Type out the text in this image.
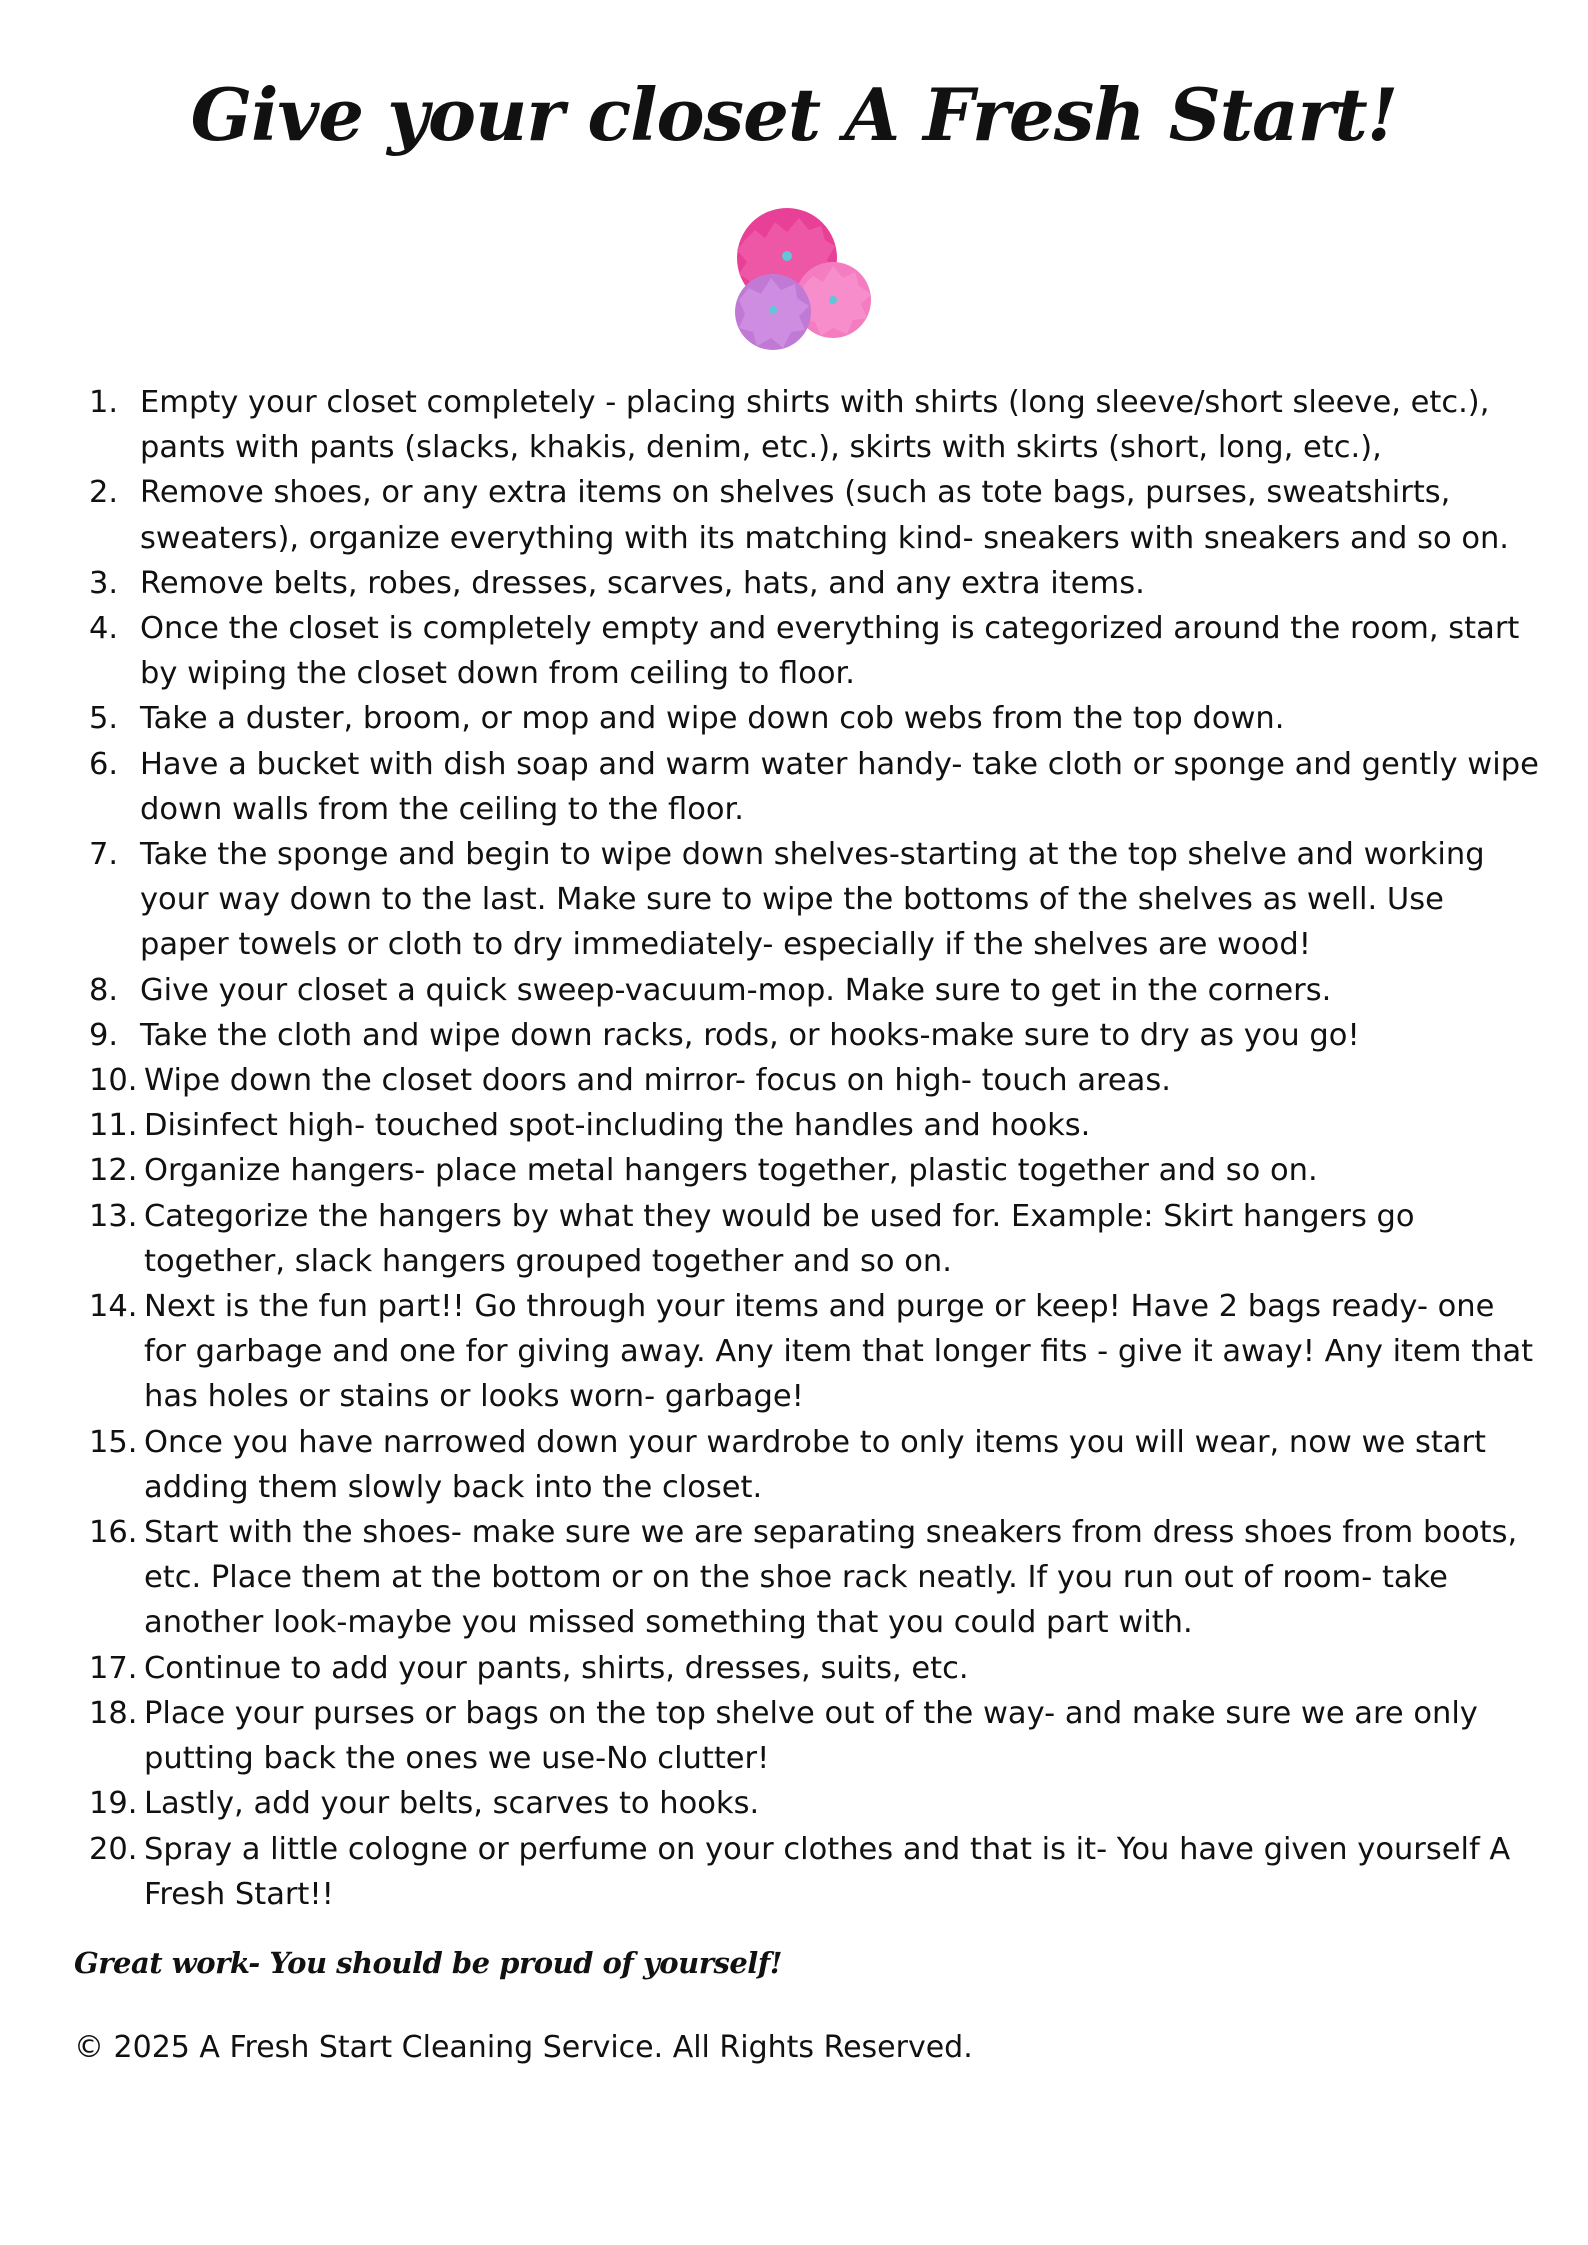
Give your closet A Fresh Start!
1. Empty your closet completely - placing shirts with shirts (long sleeve/short sleeve, etc.), pants with pants (slacks, khakis, denim, etc.), skirts with skirts (short, long, etc.),
2. Remove shoes, or any extra items on shelves (such as tote bags, purses, sweatshirts, sweaters), organize everything with its matching kind- sneakers with sneakers and so on.
3. Remove belts, robes, dresses, scarves, hats, and any extra items.
4. Once the closet is completely empty and everything is categorized around the room, start by wiping the closet down from ceiling to floor.
5. Take a duster, broom, or mop and wipe down cob webs from the top down.
6. Have a bucket with dish soap and warm water handy- take cloth or sponge and gently wipe down walls from the ceiling to the floor.
7. Take the sponge and begin to wipe down shelves-starting at the top shelve and working your way down to the last. Make sure to wipe the bottoms of the shelves as well. Use paper towels or cloth to dry immediately- especially if the shelves are wood!
8. Give your closet a quick sweep-vacuum-mop. Make sure to get in the corners.
9. Take the cloth and wipe down racks, rods, or hooks-make sure to dry as you go!
10. Wipe down the closet doors and mirror- focus on high- touch areas.
11. Disinfect high- touched spot-including the handles and hooks.
12. Organize hangers- place metal hangers together, plastic together and so on.
13. Categorize the hangers by what they would be used for. Example: Skirt hangers go together, slack hangers grouped together and so on.
14. Next is the fun part!! Go through your items and purge or keep! Have 2 bags ready- one for garbage and one for giving away. Any item that longer fits - give it away! Any item that has holes or stains or looks worn- garbage!
15. Once you have narrowed down your wardrobe to only items you will wear, now we start adding them slowly back into the closet.
16. Start with the shoes- make sure we are separating sneakers from dress shoes from boots, etc. Place them at the bottom or on the shoe rack neatly. If you run out of room- take another look-maybe you missed something that you could part with.
17. Continue to add your pants, shirts, dresses, suits, etc.
18. Place your purses or bags on the top shelve out of the way- and make sure we are only putting back the ones we use-No clutter!
19. Lastly, add your belts, scarves to hooks.
20. Spray a little cologne or perfume on your clothes and that is it- You have given yourself A Fresh Start!!

Great work- You should be proud of yourself!

© 2025 A Fresh Start Cleaning Service. All Rights Reserved.
